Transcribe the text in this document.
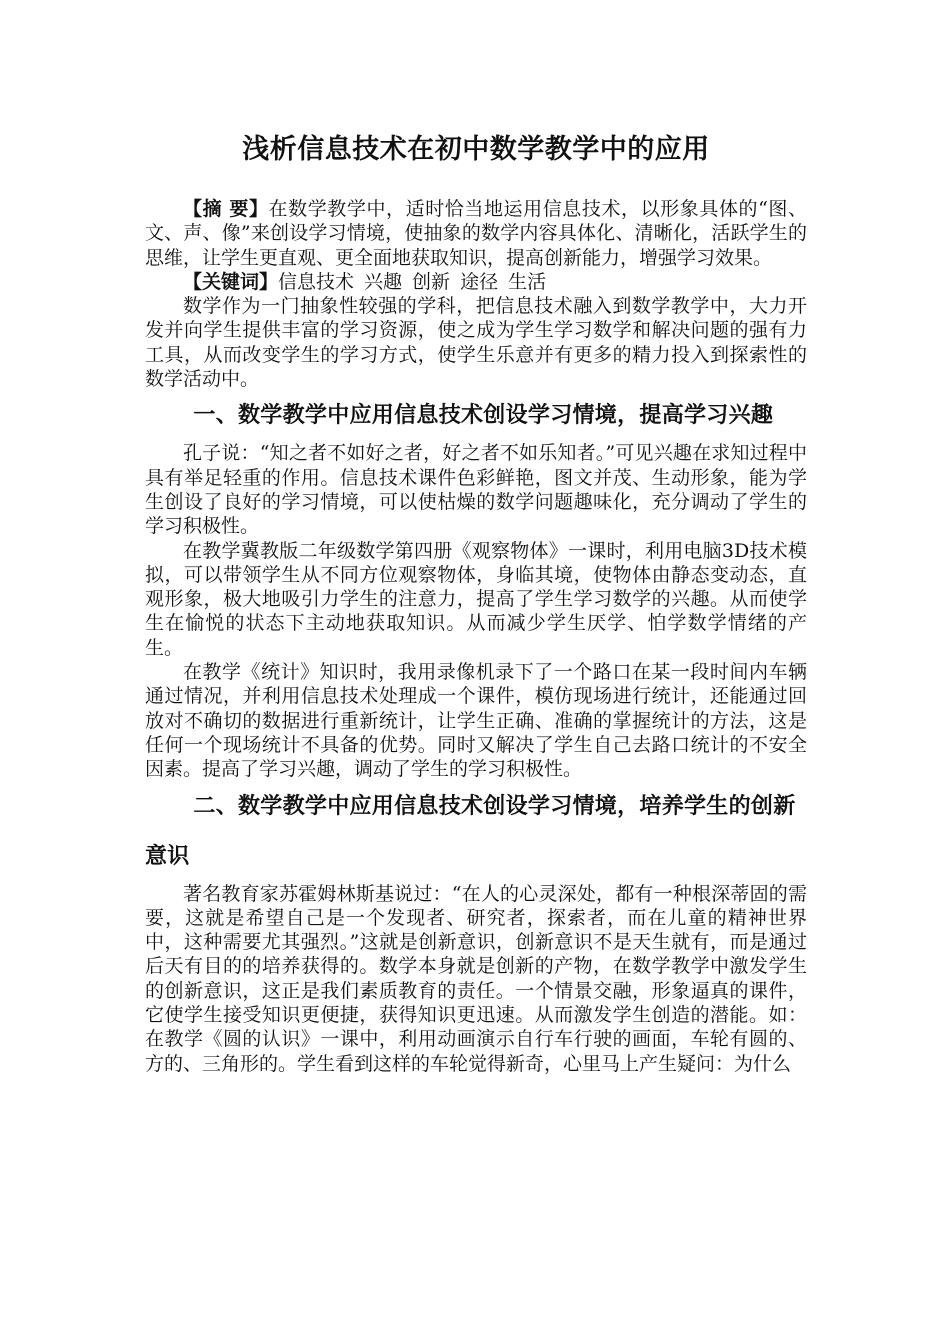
浅析信息技术在初中数学教学中的应用

【摘 要】在数学教学中，适时恰当地运用信息技术，以形象具体的“图、文、声、像”来创设学习情境，使抽象的数学内容具体化、清晰化，活跃学生的思维，让学生更直观、更全面地获取知识，提高创新能力，增强学习效果。

【关键词】信息技术 兴趣 创新 途径 生活

数学作为一门抽象性较强的学科，把信息技术融入到数学教学中，大力开发并向学生提供丰富的学习资源，使之成为学生学习数学和解决问题的强有力工具，从而改变学生的学习方式，使学生乐意并有更多的精力投入到探索性的数学活动中。

一、数学教学中应用信息技术创设学习情境，提高学习兴趣

孔子说：“知之者不如好之者，好之者不如乐知者。”可见兴趣在求知过程中具有举足轻重的作用。信息技术课件色彩鲜艳，图文并茂、生动形象，能为学生创设了良好的学习情境，可以使枯燥的数学问题趣味化，充分调动了学生的学习积极性。

在教学冀教版二年级数学第四册《观察物体》一课时，利用电脑3D技术模拟，可以带领学生从不同方位观察物体，身临其境，使物体由静态变动态，直观形象，极大地吸引力学生的注意力，提高了学生学习数学的兴趣。从而使学生在愉悦的状态下主动地获取知识。从而减少学生厌学、怕学数学情绪的产生。

在教学《统计》知识时，我用录像机录下了一个路口在某一段时间内车辆通过情况，并利用信息技术处理成一个课件，模仿现场进行统计，还能通过回放对不确切的数据进行重新统计，让学生正确、准确的掌握统计的方法，这是任何一个现场统计不具备的优势。同时又解决了学生自己去路口统计的不安全因素。提高了学习兴趣，调动了学生的学习积极性。

二、数学教学中应用信息技术创设学习情境，培养学生的创新意识

著名教育家苏霍姆林斯基说过：“在人的心灵深处，都有一种根深蒂固的需要，这就是希望自己是一个发现者、研究者，探索者，而在儿童的精神世界中，这种需要尤其强烈。”这就是创新意识，创新意识不是天生就有，而是通过后天有目的的培养获得的。数学本身就是创新的产物，在数学教学中激发学生的创新意识，这正是我们素质教育的责任。一个情景交融，形象逼真的课件，它使学生接受知识更便捷，获得知识更迅速。从而激发学生创造的潜能。如：在教学《圆的认识》一课中，利用动画演示自行车行驶的画面，车轮有圆的、方的、三角形的。学生看到这样的车轮觉得新奇，心里马上产生疑问：为什么
